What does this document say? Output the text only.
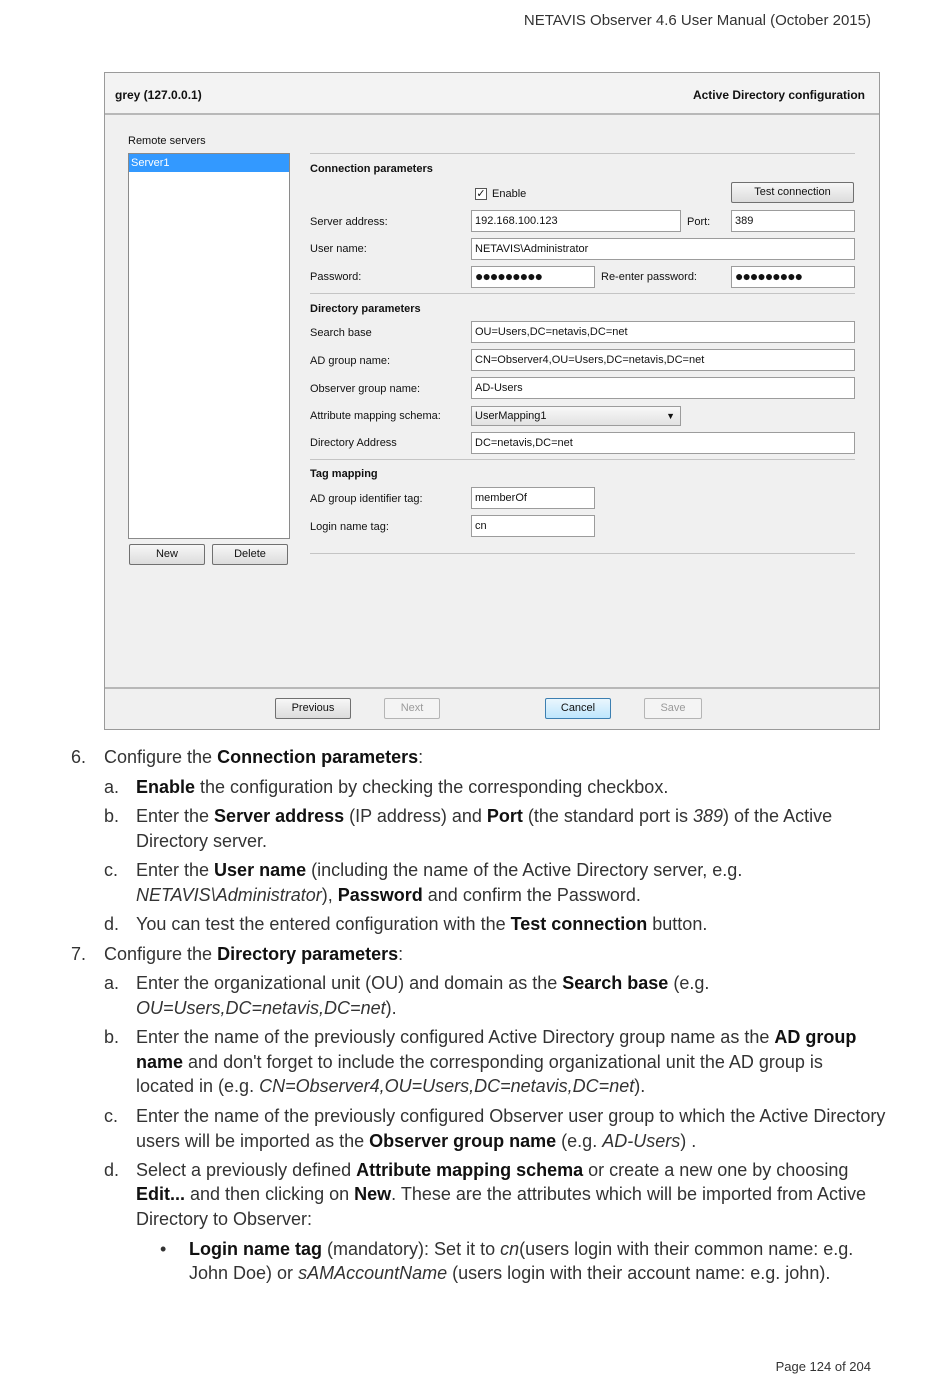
NETAVIS Observer 4.6 User Manual (October 2015)
grey (127.0.0.1)	Active Directory configuration
Remote servers
Server1
New	Delete
Connection parameters
✓ Enable	Test connection
Server address:	192.168.100.123	Port:	389
User name:	NETAVIS\Administrator
Password:	●●●●●●●●●	Re-enter password:	●●●●●●●●●
Directory parameters
Search base	OU=Users,DC=netavis,DC=net
AD group name:	CN=Observer4,OU=Users,DC=netavis,DC=net
Observer group name:	AD-Users
Attribute mapping schema:	UserMapping1	▼
Directory Address	DC=netavis,DC=net
Tag mapping
AD group identifier tag:	memberOf
Login name tag:	cn
Previous	Next	Cancel	Save
6. Configure the Connection parameters:
a. Enable the configuration by checking the corresponding checkbox.
b. Enter the Server address (IP address) and Port (the standard port is 389) of the Active
Directory server.
c. Enter the User name (including the name of the Active Directory server, e.g.
NETAVIS\Administrator), Password and confirm the Password.
d. You can test the entered configuration with the Test connection button.
7. Configure the Directory parameters:
a. Enter the organizational unit (OU) and domain as the Search base (e.g.
OU=Users,DC=netavis,DC=net).
b. Enter the name of the previously configured Active Directory group name as the AD group
name and don't forget to include the corresponding organizational unit the AD group is
located in (e.g. CN=Observer4,OU=Users,DC=netavis,DC=net).
c. Enter the name of the previously configured Observer user group to which the Active Directory
users will be imported as the Observer group name (e.g. AD-Users) .
d. Select a previously defined Attribute mapping schema or create a new one by choosing
Edit... and then clicking on New. These are the attributes which will be imported from Active
Directory to Observer:
• Login name tag (mandatory): Set it to cn(users login with their common name: e.g.
John Doe) or sAMAccountName (users login with their account name: e.g. john).
Page 124 of 204
